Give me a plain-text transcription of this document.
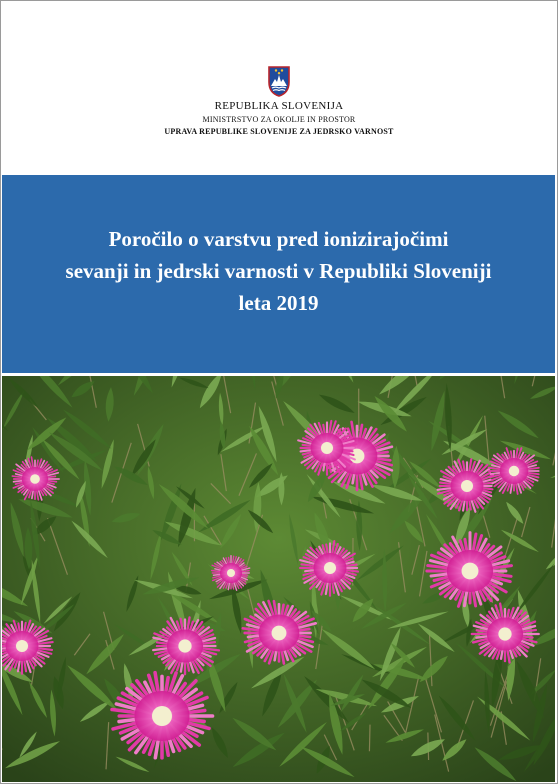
REPUBLIKA SLOVENIJA
MINISTRSTVO ZA OKOLJE IN PROSTOR
UPRAVA REPUBLIKE SLOVENIJE ZA JEDRSKO VARNOST
Poročilo o varstvu pred ionizirajočimi
sevanji in jedrski varnosti v Republiki Sloveniji
leta 2019
